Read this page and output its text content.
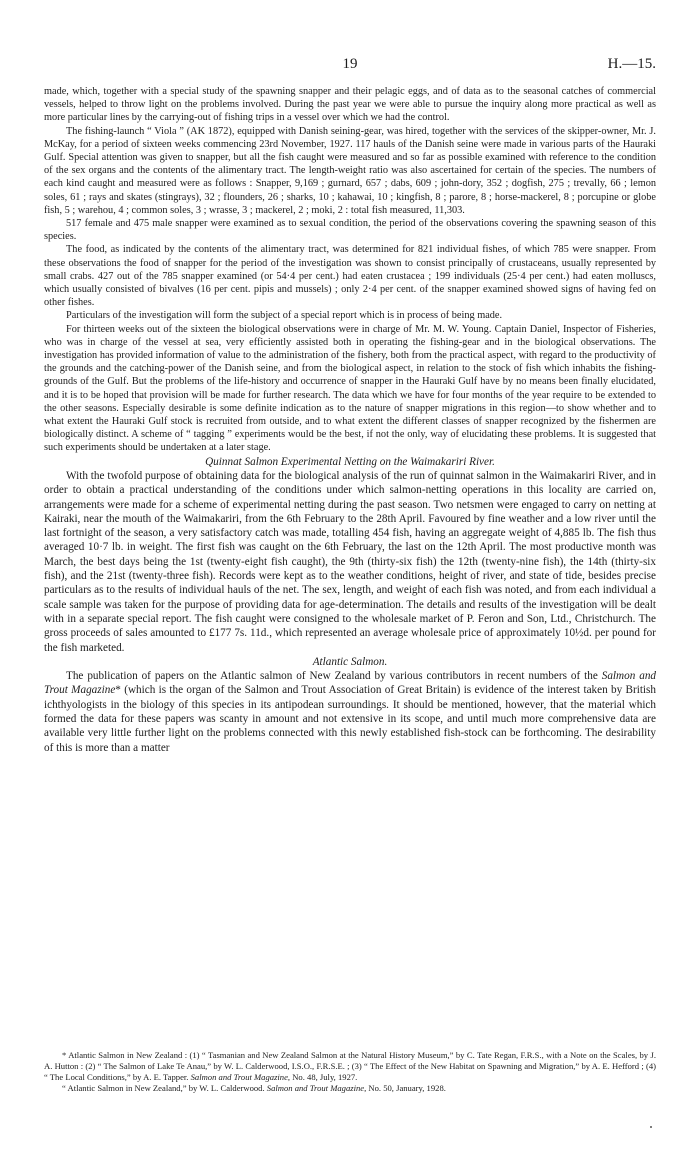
19	H.—15.

made, which, together with a special study of the spawning snapper and their pelagic eggs, and of data as to the seasonal catches of commercial vessels, helped to throw light on the problems involved. During the past year we were able to pursue the inquiry along more practical as well as more particular lines by the carrying-out of fishing trips in a vessel over which we had the control.

The fishing-launch “ Viola ” (AK 1872), equipped with Danish seining-gear, was hired, together with the services of the skipper-owner, Mr. J. McKay, for a period of sixteen weeks commencing 23rd November, 1927. 117 hauls of the Danish seine were made in various parts of the Hauraki Gulf. Special attention was given to snapper, but all the fish caught were measured and so far as possible examined with reference to the condition of the sex organs and the contents of the alimentary tract. The length-weight ratio was also ascertained for certain of the species. The numbers of each kind caught and measured were as follows : Snapper, 9,169 ; gurnard, 657 ; dabs, 609 ; john-dory, 352 ; dogfish, 275 ; trevally, 66 ; lemon soles, 61 ; rays and skates (stingrays), 32 ; flounders, 26 ; sharks, 10 ; kahawai, 10 ; kingfish, 8 ; parore, 8 ; horse-mackerel, 8 ; porcupine or globe fish, 5 ; warehou, 4 ; common soles, 3 ; wrasse, 3 ; mackerel, 2 ; moki, 2 : total fish measured, 11,303.

517 female and 475 male snapper were examined as to sexual condition, the period of the observations covering the spawning season of this species.

The food, as indicated by the contents of the alimentary tract, was determined for 821 individual fishes, of which 785 were snapper. From these observations the food of snapper for the period of the investigation was shown to consist principally of crustaceans, usually represented by small crabs. 427 out of the 785 snapper examined (or 54·4 per cent.) had eaten crustacea ; 199 individuals (25·4 per cent.) had eaten molluscs, which usually consisted of bivalves (16 per cent. pipis and mussels) ; only 2·4 per cent. of the snapper examined showed signs of having fed on other fishes.

Particulars of the investigation will form the subject of a special report which is in process of being made.

For thirteen weeks out of the sixteen the biological observations were in charge of Mr. M. W. Young. Captain Daniel, Inspector of Fisheries, who was in charge of the vessel at sea, very efficiently assisted both in operating the fishing-gear and in the biological observations. The investigation has provided information of value to the administration of the fishery, both from the practical aspect, with regard to the productivity of the grounds and the catching-power of the Danish seine, and from the biological aspect, in relation to the stock of fish which inhabits the fishing-grounds of the Gulf. But the problems of the life-history and occurrence of snapper in the Hauraki Gulf have by no means been finally elucidated, and it is to be hoped that provision will be made for further research. The data which we have for four months of the year require to be extended to the other seasons. Especially desirable is some definite indication as to the nature of snapper migrations in this region—to show whether and to what extent the Hauraki Gulf stock is recruited from outside, and to what extent the different classes of snapper recognized by the fishermen are biologically distinct. A scheme of “ tagging ” experiments would be the best, if not the only, way of elucidating these problems. It is suggested that such experiments should be undertaken at a later stage.

Quinnat Salmon Experimental Netting on the Waimakariri River.

With the twofold purpose of obtaining data for the biological analysis of the run of quinnat salmon in the Waimakariri River, and in order to obtain a practical understanding of the conditions under which salmon-netting operations in this locality are carried on, arrangements were made for a scheme of experimental netting during the past season. Two netsmen were engaged to carry on netting at Kairaki, near the mouth of the Waimakariri, from the 6th February to the 28th April. Favoured by fine weather and a low river until the last fortnight of the season, a very satisfactory catch was made, totalling 454 fish, having an aggregate weight of 4,885 lb. The fish thus averaged 10·7 lb. in weight. The first fish was caught on the 6th February, the last on the 12th April. The most productive month was March, the best days being the 1st (twenty-eight fish caught), the 9th (thirty-six fish) the 12th (twenty-nine fish), the 14th (thirty-six fish), and the 21st (twenty-three fish). Records were kept as to the weather conditions, height of river, and state of tide, besides precise particulars as to the results of individual hauls of the net. The sex, length, and weight of each fish was noted, and from each individual a scale sample was taken for the purpose of providing data for age-determination. The details and results of the investigation will be dealt with in a separate special report. The fish caught were consigned to the wholesale market of P. Feron and Son, Ltd., Christchurch. The gross proceeds of sales amounted to £177 7s. 11d., which represented an average wholesale price of approximately 10½d. per pound for the fish marketed.

Atlantic Salmon.

The publication of papers on the Atlantic salmon of New Zealand by various contributors in recent numbers of the Salmon and Trout Magazine* (which is the organ of the Salmon and Trout Association of Great Britain) is evidence of the interest taken by British ichthyologists in the biology of this species in its antipodean surroundings. It should be mentioned, however, that the material which formed the data for these papers was scanty in amount and not extensive in its scope, and until much more comprehensive data are available very little further light on the problems connected with this newly established fish-stock can be forthcoming. The desirability of this is more than a matter

* Atlantic Salmon in New Zealand : (1) “ Tasmanian and New Zealand Salmon at the Natural History Museum,” by C. Tate Regan, F.R.S., with a Note on the Scales, by J. A. Hutton : (2) “ The Salmon of Lake Te Anau,” by W. L. Calderwood, I.S.O., F.R.S.E. ; (3) “ The Effect of the New Habitat on Spawning and Migration,” by A. E. Hefford ; (4) “ The Local Conditions,” by A. E. Tapper. Salmon and Trout Magazine, No. 48, July, 1927.

“ Atlantic Salmon in New Zealand,” by W. L. Calderwood. Salmon and Trout Magazine, No. 50, January, 1928.
